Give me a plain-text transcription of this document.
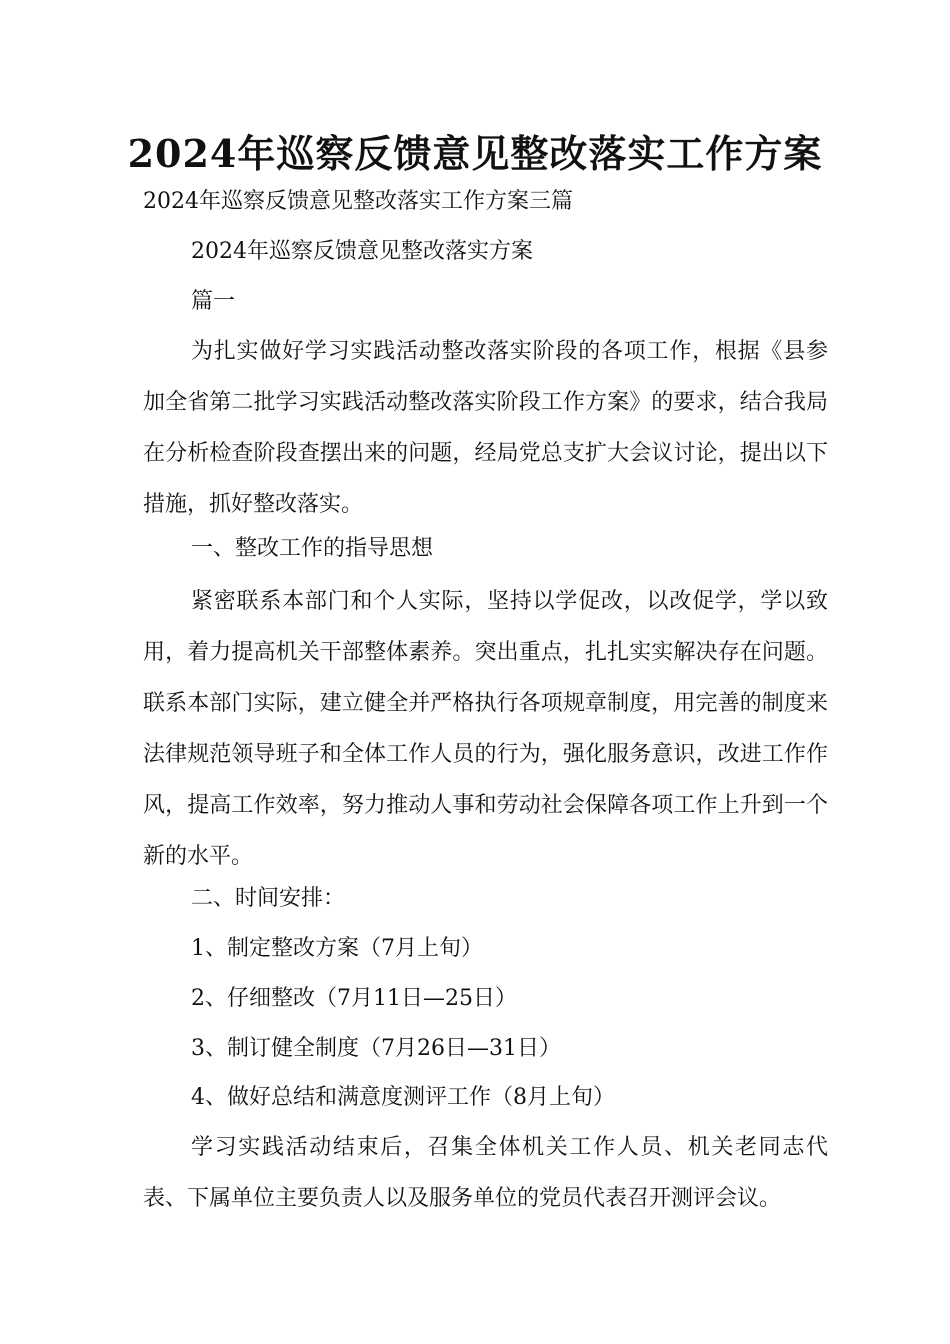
2024年巡察反馈意见整改落实工作方案
2024年巡察反馈意见整改落实工作方案三篇
2024年巡察反馈意见整改落实方案
篇一

为扎实做好学习实践活动整改落实阶段的各项工作，根据《县参加全省第二批学习实践活动整改落实阶段工作方案》的要求，结合我局在分析检查阶段查摆出来的问题，经局党总支扩大会议讨论，提出以下措施，抓好整改落实。

一、整改工作的指导思想

紧密联系本部门和个人实际，坚持以学促改，以改促学，学以致用，着力提高机关干部整体素养。突出重点，扎扎实实解决存在问题。联系本部门实际，建立健全并严格执行各项规章制度，用完善的制度来法律规范领导班子和全体工作人员的行为，强化服务意识，改进工作作风，提高工作效率，努力推动人事和劳动社会保障各项工作上升到一个新的水平。

二、时间安排：
1、制定整改方案（7月上旬）
2、仔细整改（7月11日—25日）
3、制订健全制度（7月26日—31日）
4、做好总结和满意度测评工作（8月上旬）

学习实践活动结束后，召集全体机关工作人员、机关老同志代表、下属单位主要负责人以及服务单位的党员代表召开测评会议。
